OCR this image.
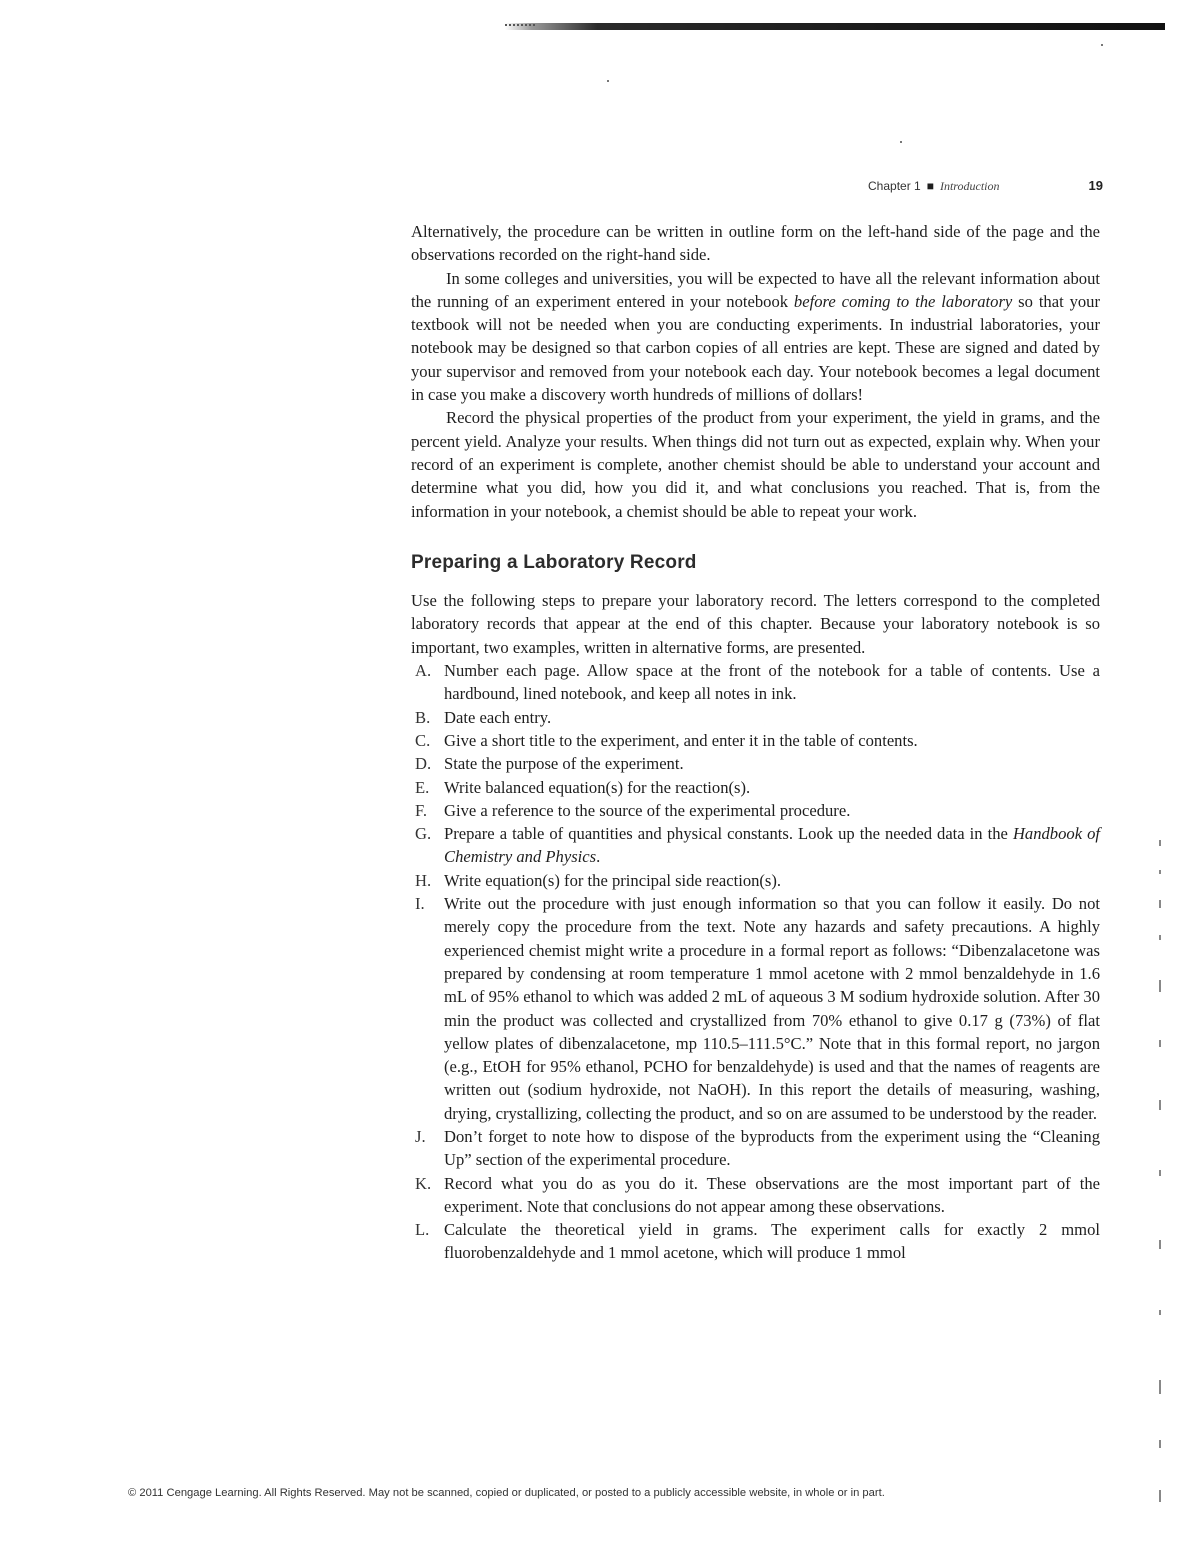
Chapter 1 ■ Introduction	19

Alternatively, the procedure can be written in outline form on the left-hand side of the page and the observations recorded on the right-hand side.

In some colleges and universities, you will be expected to have all the relevant information about the running of an experiment entered in your notebook before coming to the laboratory so that your textbook will not be needed when you are conducting experiments. In industrial laboratories, your notebook may be designed so that carbon copies of all entries are kept. These are signed and dated by your supervisor and removed from your notebook each day. Your notebook becomes a legal document in case you make a discovery worth hundreds of millions of dollars!

Record the physical properties of the product from your experiment, the yield in grams, and the percent yield. Analyze your results. When things did not turn out as expected, explain why. When your record of an experiment is complete, another chemist should be able to understand your account and determine what you did, how you did it, and what conclusions you reached. That is, from the information in your notebook, a chemist should be able to repeat your work.

Preparing a Laboratory Record

Use the following steps to prepare your laboratory record. The letters correspond to the completed laboratory records that appear at the end of this chapter. Because your laboratory notebook is so important, two examples, written in alternative forms, are presented.

A. Number each page. Allow space at the front of the notebook for a table of contents. Use a hardbound, lined notebook, and keep all notes in ink.
B. Date each entry.
C. Give a short title to the experiment, and enter it in the table of contents.
D. State the purpose of the experiment.
E. Write balanced equation(s) for the reaction(s).
F.	Give a reference to the source of the experimental procedure.
G. Prepare a table of quantities and physical constants. Look up the needed data in the Handbook of Chemistry and Physics.
H. Write equation(s) for the principal side reaction(s).
I.	Write out the procedure with just enough information so that you can follow it easily. Do not merely copy the procedure from the text. Note any hazards and safety precautions. A highly experienced chemist might write a procedure in a formal report as follows: “Dibenzalacetone was prepared by condensing at room temperature 1 mmol acetone with 2 mmol benzaldehyde in 1.6 mL of 95% ethanol to which was added 2 mL of aqueous 3 M sodium hydroxide solution. After 30 min the product was collected and crystallized from 70% ethanol to give 0.17 g (73%) of flat yellow plates of dibenzalacetone, mp 110.5–111.5°C.” Note that in this formal report, no jargon (e.g., EtOH for 95% ethanol, PCHO for benzaldehyde) is used and that the names of reagents are written out (sodium hydroxide, not NaOH). In this report the details of measuring, washing, drying, crystallizing, collecting the product, and so on are assumed to be understood by the reader.
J.	Don’t forget to note how to dispose of the byproducts from the experiment using the “Cleaning Up” section of the experimental procedure.
K. Record what you do as you do it. These observations are the most important part of the experiment. Note that conclusions do not appear among these observations.
L. Calculate the theoretical yield in grams. The experiment calls for exactly 2 mmol fluorobenzaldehyde and 1 mmol acetone, which will produce 1 mmol
© 2011 Cengage Learning. All Rights Reserved. May not be scanned, copied or duplicated, or posted to a publicly accessible website, in whole or in part.
